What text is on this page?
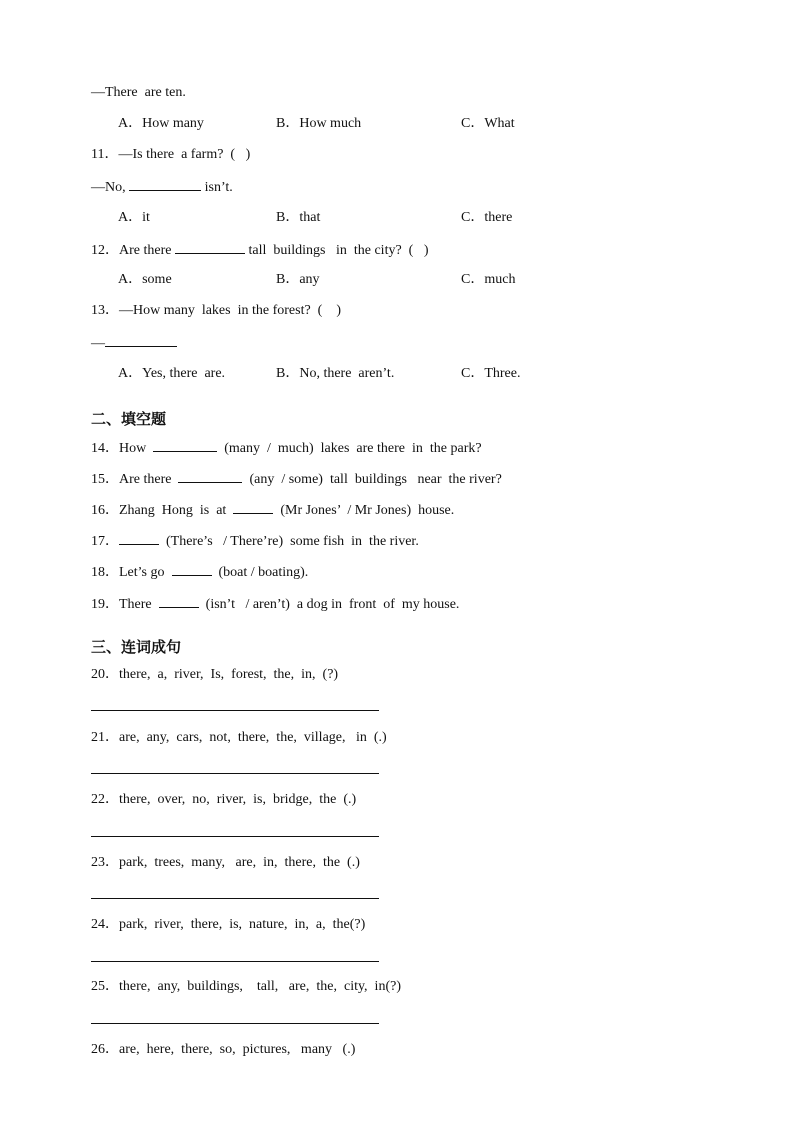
—There  are ten.
A．How many	B．How much	C．What
11．—Is there  a farm?  (   )
—No,	isn’t.
A．it	B．that	C．there
12．Are there	tall  buildings   in  the city?  (   )
A．some	B．any	C．much
13．—How many  lakes  in the forest?  (    )
—
A．Yes, there  are.	B．No, there  aren’t.	C．Three.
二、填空题
14．How	(many  /  much)  lakes  are there  in  the park?
15．Are there	(any  / some)  tall  buildings   near  the river?
16．Zhang  Hong  is  at	(Mr Jones’  / Mr Jones)  house.
17．	(There’s   / There’re)  some fish  in  the river.
18．Let’s go	(boat / boating).
19．There	(isn’t   / aren’t)  a dog in  front  of  my house.
三、连词成句
20．there,  a,  river,  Is,  forest,  the,  in,  (?)
21．are,  any,  cars,  not,  there,  the,  village,   in  (.)
22．there,  over,  no,  river,  is,  bridge,  the  (.)
23．park,  trees,  many,   are,  in,  there,  the  (.)
24．park,  river,  there,  is,  nature,  in,  a,  the(?)
25．there,  any,  buildings,    tall,   are,  the,  city,  in(?)
26．are,  here,  there,  so,  pictures,   many   (.)
